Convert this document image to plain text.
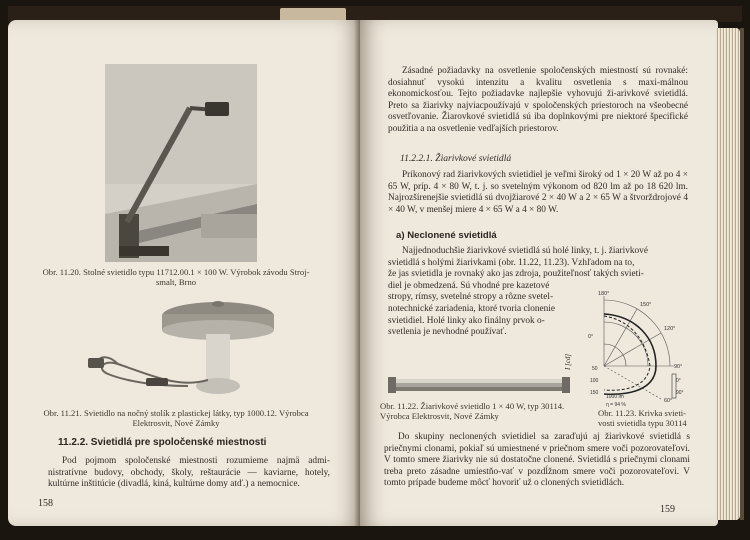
Obr. 11.20. Stolné svietidlo typu 11712.00.1 × 100 W. Výrobok závodu Stroj-smalt, Brno
Obr. 11.21. Svietidlo na nočný stolík z plastickej látky, typ 1000.12. Výrobca Elektrosvit, Nové Zámky
11.2.2. Svietidlá pre spoločenské miestnosti
Pod pojmom spoločenské miestnosti rozumieme najmä admi-nistratívne budovy, obchody, školy, reštaurácie — kaviarne, hotely, kultúrne inštitúcie (divadlá, kiná, kultúrne domy atď.) a nemocnice.
158
Zásadné požiadavky na osvetlenie spoločenských miestností sú rovnaké: dosiahnuť vysokú intenzitu a kvalitu osvetlenia s maxi-málnou ekonomickosťou. Tejto požiadavke najlepšie vyhovujú ži-arivkové svietidlá. Preto sa žiarivky najviacpoužívajú v spoločenských priestoroch na všeobecné osvetľovanie. Žiarovkové svietidlá sú iba doplnkovými pre niektoré špecifické použitia a na osvetlenie vedľajších priestorov.
11.2.2.1. Žiarivkové svietidlá
Príkonový rad žiarivkových svietidiel je veľmi široký od 1 × 20 W až po 4 × 65 W, príp. 4 × 80 W, t. j. so svetelným výkonom od 820 lm až po 18 620 lm. Najrozšírenejšie svietidlá sú dvojžiarové 2 × 40 W a 2 × 65 W a štvorždrojové 4 × 40 W, v menšej miere 4 × 65 W a 4 × 80 W.
a) Neclonené svietidlá
Najjednoduchšie žiarivkové svietidlá sú holé linky, t. j. žiarivkové
svietidlá s holými žiarivkami (obr. 11.22, 11.23). Vzhľadom na to,
že jas svietidla je rovnaký ako jas zdroja, použiteľnosť takých svieti-
diel je obmedzená. Sú vhodné pre kazetové
stropy, rímsy, svetelné stropy a rôzne svetel-
notechnické zariadenia, ktoré tvoria clonenie
svietidiel. Holé linky ako finálny prvok o-
svetlenia je nevhodné používať.
180°
150°
120°
90°
60°
0°
50
100
150
1000 lm
η = 94 %
0°
90°
I [cd]
Obr. 11.22. Žiarivkové svietidlo 1 × 40 W, typ 30114. Výrobca Elektrosvit, Nové Zámky	Obr. 11.23. Krivka svieti-vosti svietidla typu 30114
Do skupiny neclonených svietidiel sa zaraďujú aj žiarivkové svietidlá s priečnymi clonami, pokiaľ sú umiestnené v priečnom smere voči pozorovateľovi. V tomto smere žiarivky nie sú dostatočne clonené. Svietidlá s priečnymi clonami treba preto zásadne umiestňo-vať v pozdĺžnom smere voči pozorovateľovi. V tomto prípade budeme môcť hovoriť už o clonených svietidlách.
159
